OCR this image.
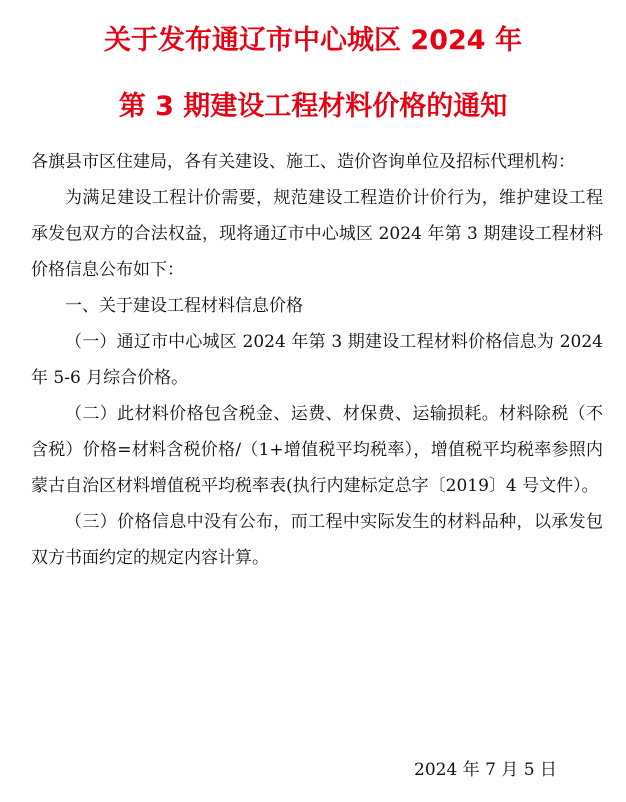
关于发布通辽市中心城区 2024 年
第 3 期建设工程材料价格的通知

各旗县市区住建局，各有关建设、施工、造价咨询单位及招标代理机构：

为满足建设工程计价需要，规范建设工程造价计价行为，维护建设工程承发包双方的合法权益，现将通辽市中心城区 2024 年第 3 期建设工程材料价格信息公布如下：

一、关于建设工程材料信息价格

（一）通辽市中心城区 2024 年第 3 期建设工程材料价格信息为 2024 年 5-6 月综合价格。

（二）此材料价格包含税金、运费、材保费、运输损耗。材料除税（不含税）价格=材料含税价格/（1+增值税平均税率），增值税平均税率参照内蒙古自治区材料增值税平均税率表(执行内建标定总字〔2019〕4 号文件）。

（三）价格信息中没有公布，而工程中实际发生的材料品种，以承发包双方书面约定的规定内容计算。

2024 年 7 月 5 日
